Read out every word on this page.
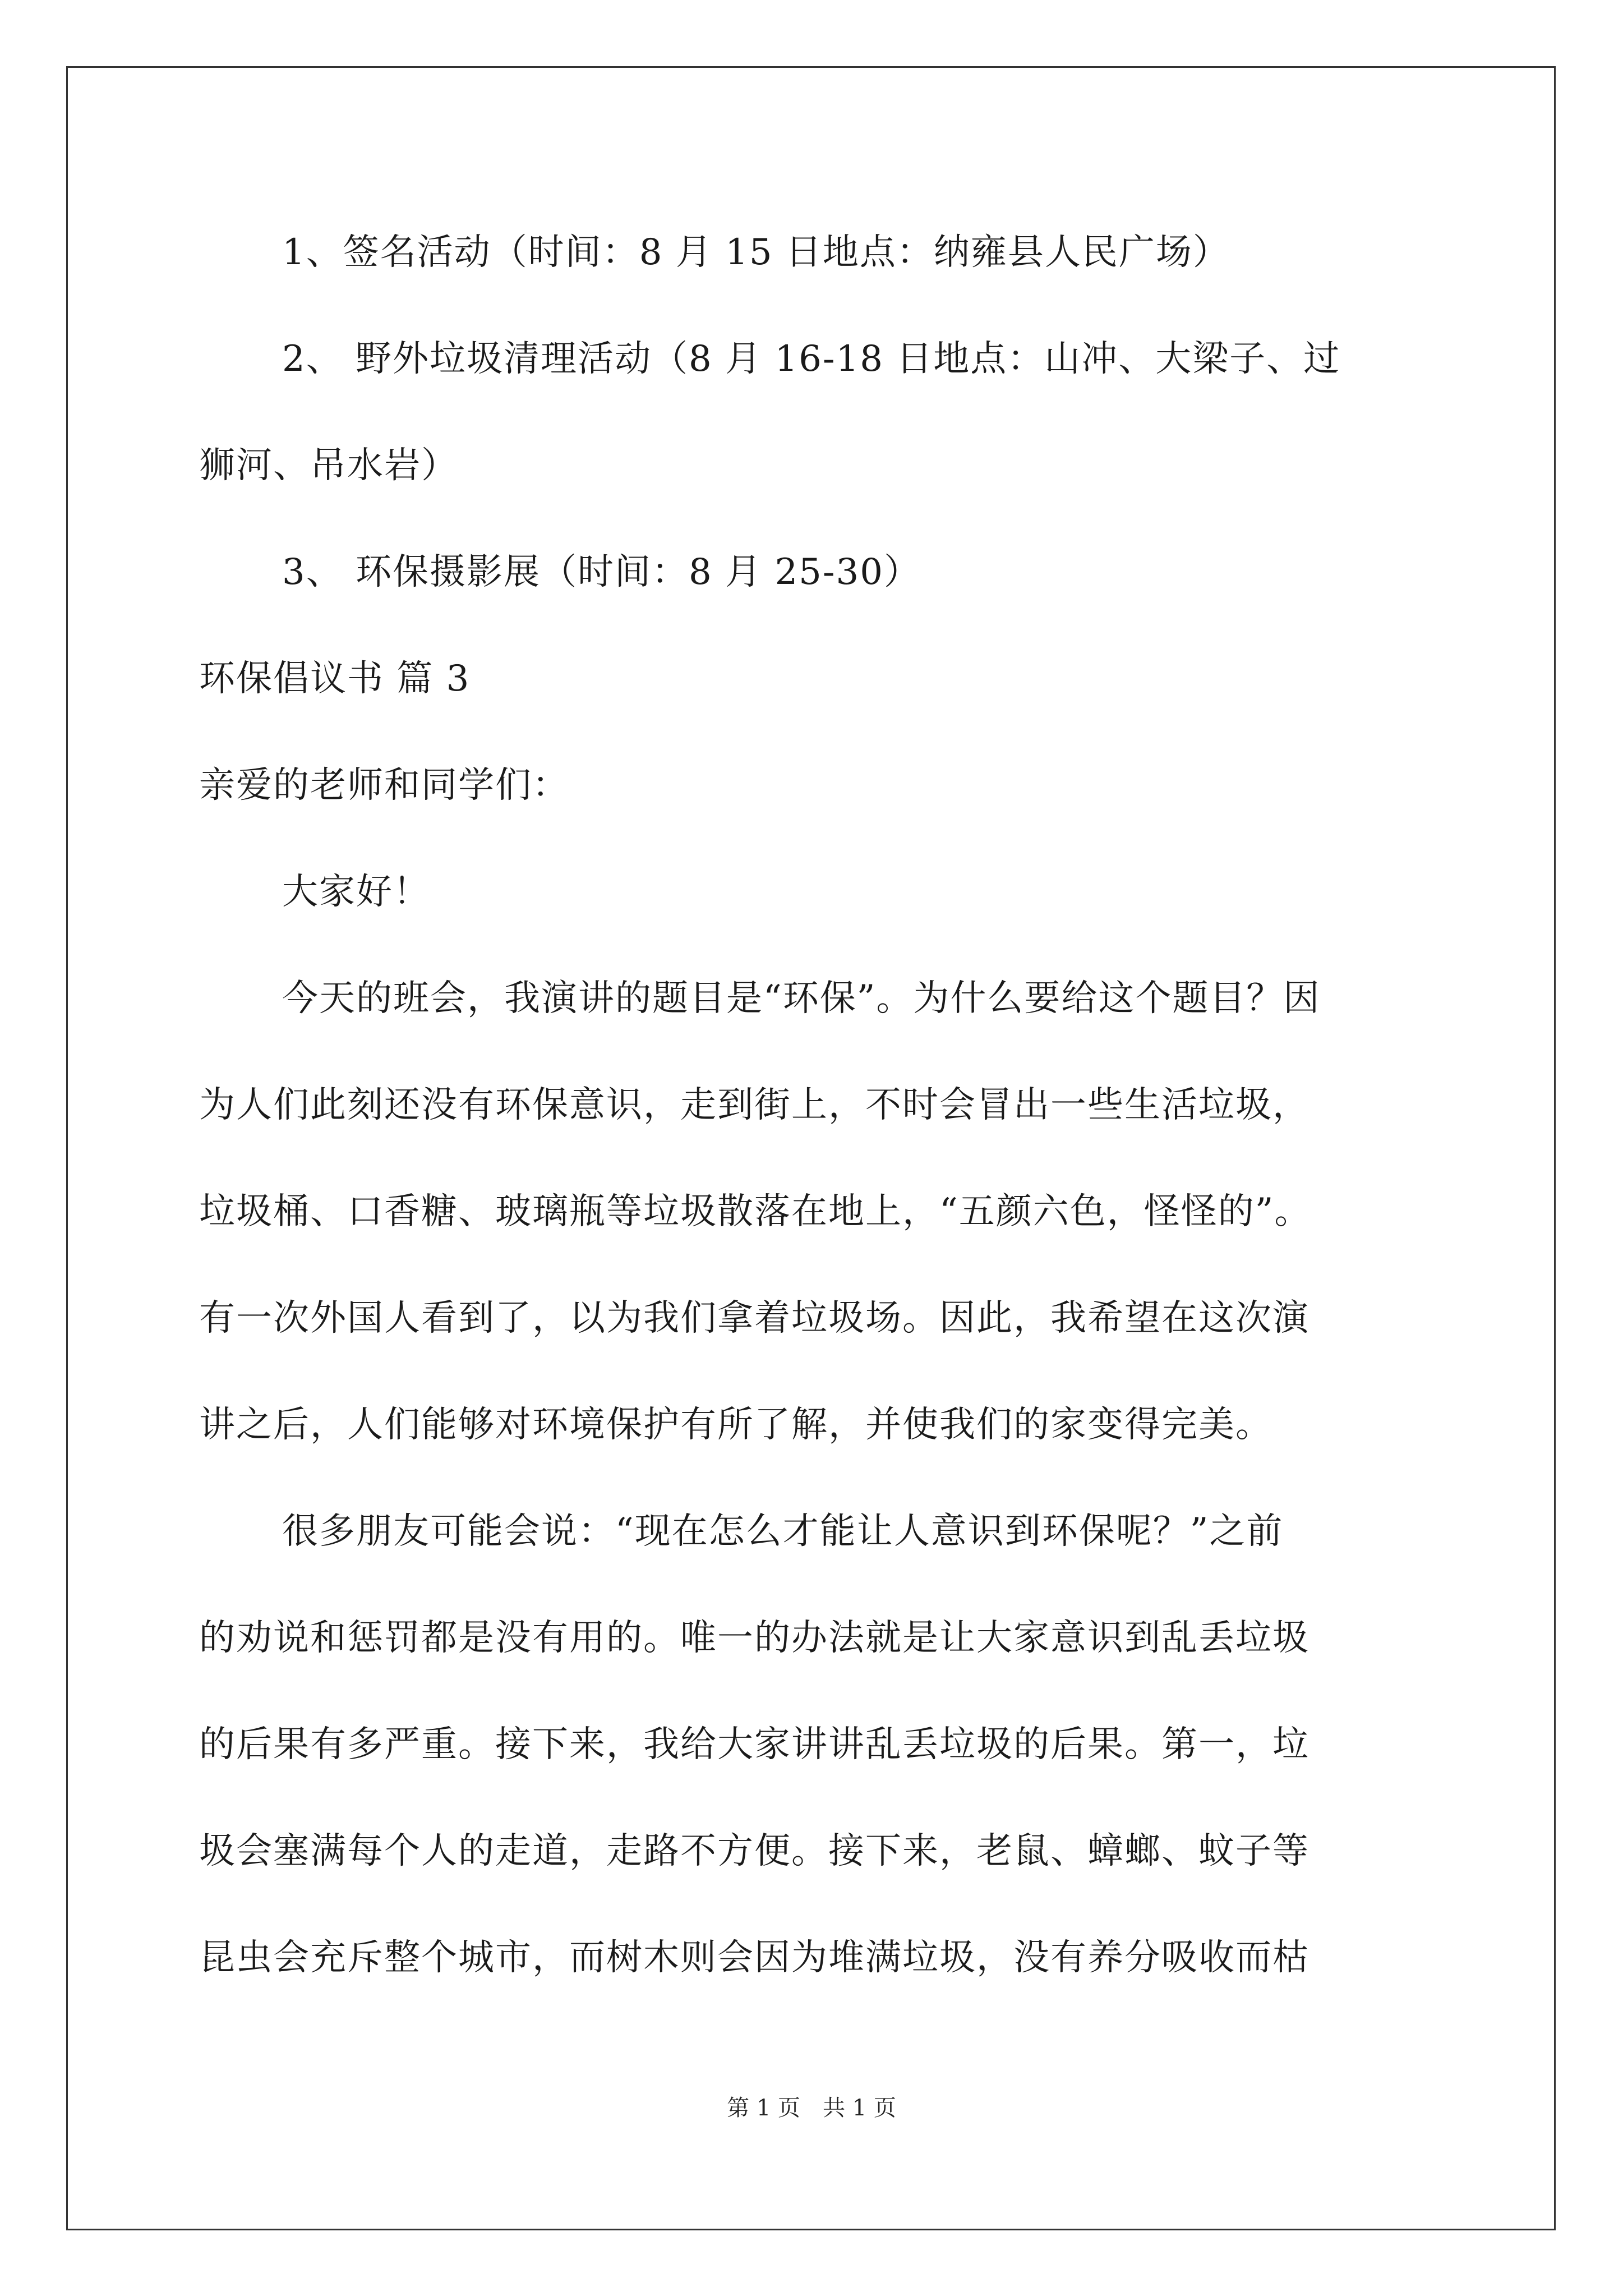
1、签名活动（时间：8 月 15 日地点：纳雍县人民广场）
2、 野外垃圾清理活动（8 月 16-18 日地点：山冲、大梁子、过
狮河、吊水岩）
3、 环保摄影展（时间：8 月 25-30）
环保倡议书 篇 3
亲爱的老师和同学们：
大家好！
今天的班会，我演讲的题目是“环保”。为什么要给这个题目？因
为人们此刻还没有环保意识，走到街上，不时会冒出一些生活垃圾，
垃圾桶、口香糖、玻璃瓶等垃圾散落在地上，“五颜六色，怪怪的”。
有一次外国人看到了，以为我们拿着垃圾场。因此，我希望在这次演
讲之后，人们能够对环境保护有所了解，并使我们的家变得完美。
很多朋友可能会说：“现在怎么才能让人意识到环保呢？”之前
的劝说和惩罚都是没有用的。唯一的办法就是让大家意识到乱丢垃圾
的后果有多严重。接下来，我给大家讲讲乱丢垃圾的后果。第一，垃
圾会塞满每个人的走道，走路不方便。接下来，老鼠、蟑螂、蚊子等
昆虫会充斥整个城市，而树木则会因为堆满垃圾，没有养分吸收而枯
第 1 页　共 1 页
